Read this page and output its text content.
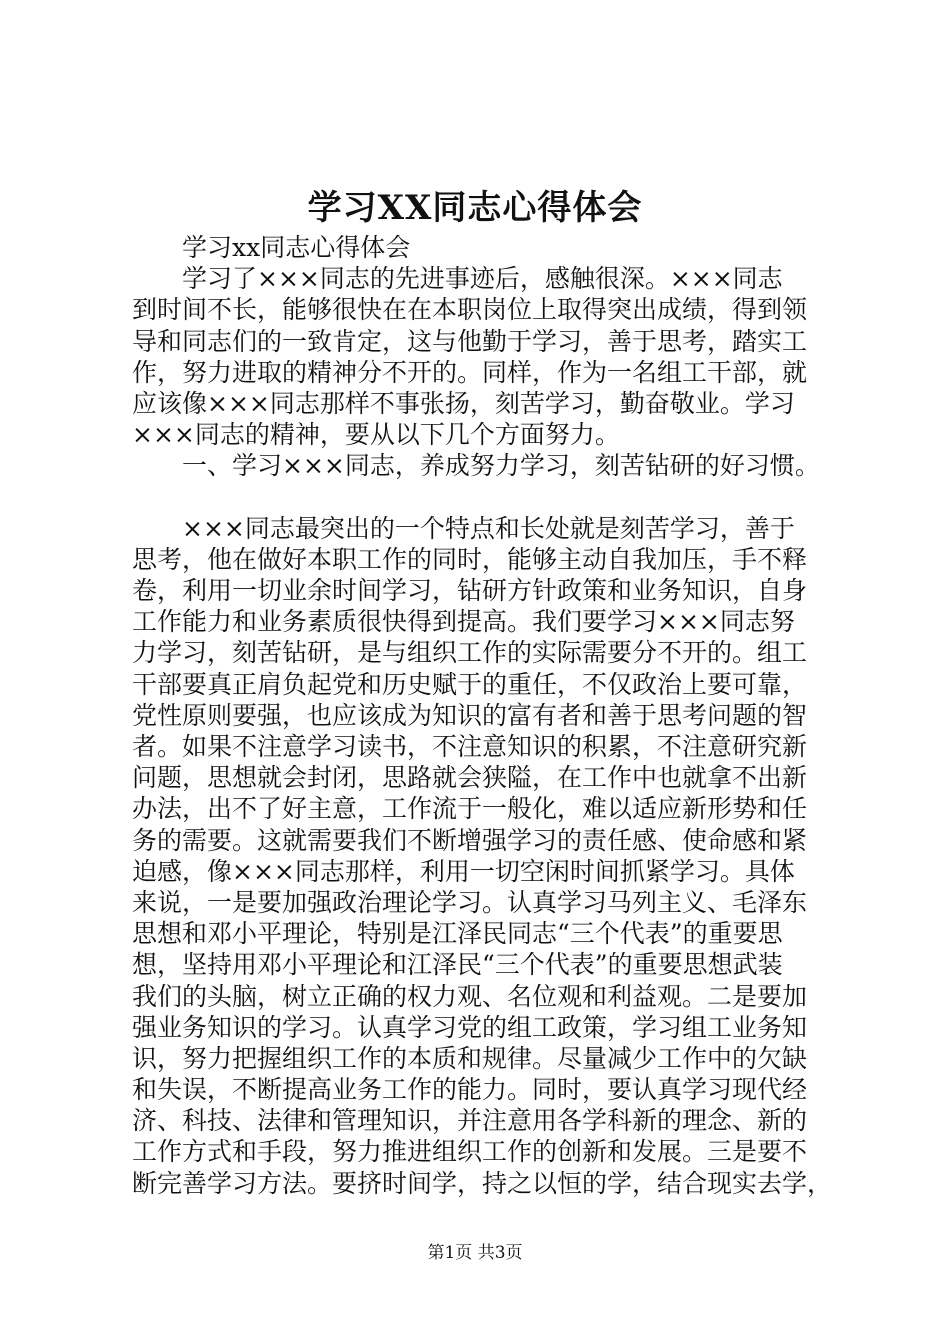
学习XX同志心得体会
学习xx同志心得体会
学习了×××同志的先进事迹后，感触很深。×××同志
到时间不长，能够很快在在本职岗位上取得突出成绩，得到领
导和同志们的一致肯定，这与他勤于学习，善于思考，踏实工
作，努力进取的精神分不开的。同样，作为一名组工干部，就
应该像×××同志那样不事张扬，刻苦学习，勤奋敬业。学习
×××同志的精神，要从以下几个方面努力。
一、学习×××同志，养成努力学习，刻苦钻研的好习惯。
×××同志最突出的一个特点和长处就是刻苦学习，善于
思考，他在做好本职工作的同时，能够主动自我加压，手不释
卷，利用一切业余时间学习，钻研方针政策和业务知识，自身
工作能力和业务素质很快得到提高。我们要学习×××同志努
力学习，刻苦钻研，是与组织工作的实际需要分不开的。组工
干部要真正肩负起党和历史赋于的重任，不仅政治上要可靠，
党性原则要强，也应该成为知识的富有者和善于思考问题的智
者。如果不注意学习读书，不注意知识的积累，不注意研究新
问题，思想就会封闭，思路就会狭隘，在工作中也就拿不出新
办法，出不了好主意，工作流于一般化，难以适应新形势和任
务的需要。这就需要我们不断增强学习的责任感、使命感和紧
迫感，像×××同志那样，利用一切空闲时间抓紧学习。具体
来说，一是要加强政治理论学习。认真学习马列主义、毛泽东
思想和邓小平理论，特别是江泽民同志“三个代表”的重要思
想，坚持用邓小平理论和江泽民“三个代表”的重要思想武装
我们的头脑，树立正确的权力观、名位观和利益观。二是要加
强业务知识的学习。认真学习党的组工政策，学习组工业务知
识，努力把握组织工作的本质和规律。尽量减少工作中的欠缺
和失误，不断提高业务工作的能力。同时，要认真学习现代经
济、科技、法律和管理知识，并注意用各学科新的理念、新的
工作方式和手段，努力推进组织工作的创新和发展。三是要不
断完善学习方法。要挤时间学，持之以恒的学，结合现实去学，
第1页 共3页
